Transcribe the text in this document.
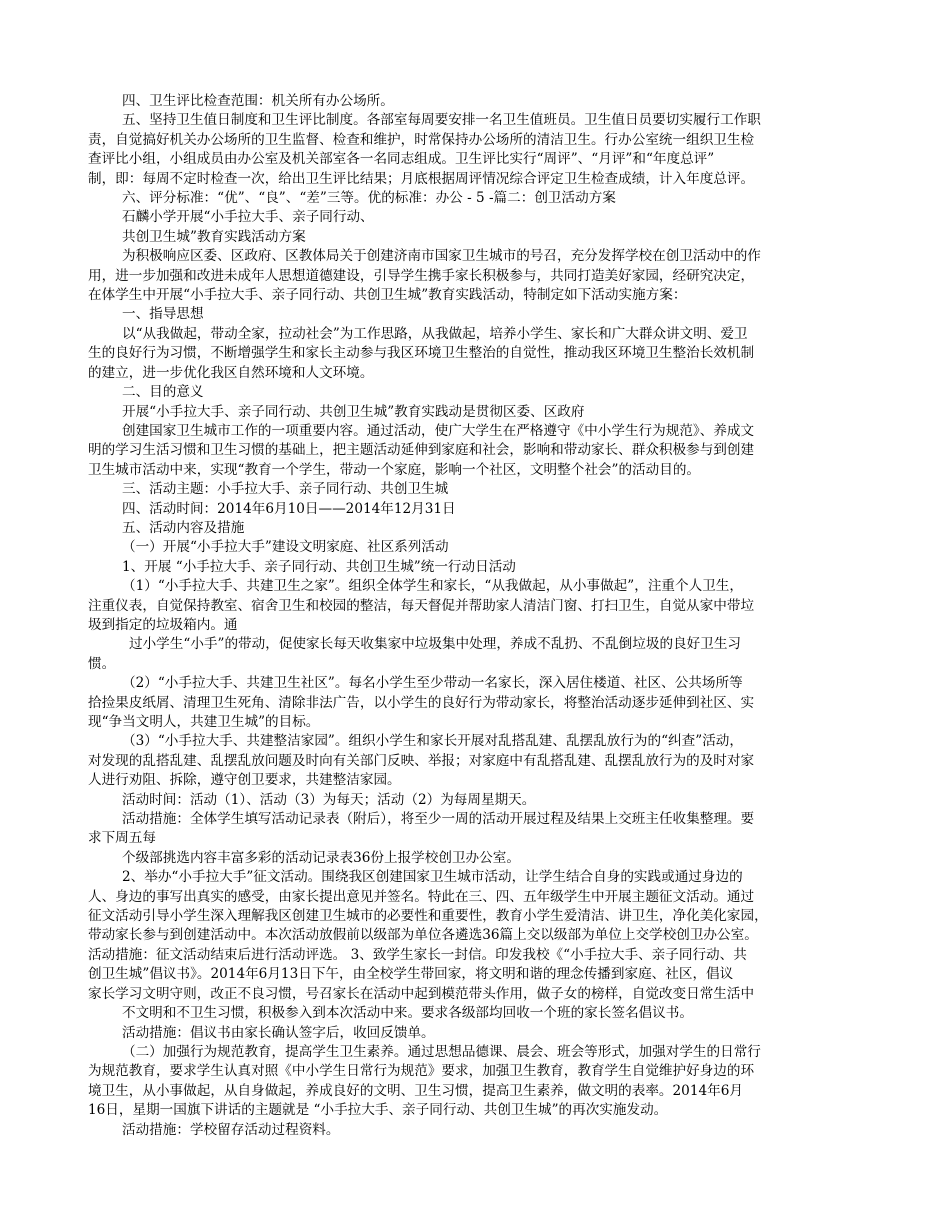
四、卫生评比检查范围：机关所有办公场所。
五、坚持卫生值日制度和卫生评比制度。各部室每周要安排一名卫生值班员。卫生值日员要切实履行工作职
责，自觉搞好机关办公场所的卫生监督、检查和维护，时常保持办公场所的清洁卫生。行办公室统一组织卫生检
查评比小组，小组成员由办公室及机关部室各一名同志组成。卫生评比实行“周评”、“月评”和“年度总评”
制，即：每周不定时检查一次，给出卫生评比结果；月底根据周评情况综合评定卫生检查成绩，计入年度总评。
六、评分标准：“优”、“良”、“差”三等。优的标准：办公 - 5 -篇二：创卫活动方案
石麟小学开展“小手拉大手、亲子同行动、
共创卫生城”教育实践活动方案
为积极响应区委、区政府、区教体局关于创建济南市国家卫生城市的号召，充分发挥学校在创卫活动中的作
用，进一步加强和改进未成年人思想道德建设，引导学生携手家长积极参与，共同打造美好家园，经研究决定，
在体学生中开展“小手拉大手、亲子同行动、共创卫生城”教育实践活动，特制定如下活动实施方案：
一、指导思想
以“从我做起，带动全家，拉动社会”为工作思路，从我做起，培养小学生、家长和广大群众讲文明、爱卫
生的良好行为习惯，不断增强学生和家长主动参与我区环境卫生整治的自觉性，推动我区环境卫生整治长效机制
的建立，进一步优化我区自然环境和人文环境。
二、目的意义
开展“小手拉大手、亲子同行动、共创卫生城”教育实践动是贯彻区委、区政府
创建国家卫生城市工作的一项重要内容。通过活动，使广大学生在严格遵守《中小学生行为规范》、养成文
明的学习生活习惯和卫生习惯的基础上，把主题活动延伸到家庭和社会，影响和带动家长、群众积极参与到创建
卫生城市活动中来，实现“教育一个学生，带动一个家庭，影响一个社区，文明整个社会”的活动目的。
三、活动主题：小手拉大手、亲子同行动、共创卫生城
四、活动时间：2014年6月10日——2014年12月31日
五、活动内容及措施
（一）开展“小手拉大手”建设文明家庭、社区系列活动
1、开展 “小手拉大手、亲子同行动、共创卫生城”统一行动日活动
（1）“小手拉大手、共建卫生之家”。组织全体学生和家长，“从我做起，从小事做起”，注重个人卫生，
注重仪表，自觉保持教室、宿舍卫生和校园的整洁，每天督促并帮助家人清洁门窗、打扫卫生，自觉从家中带垃
圾到指定的垃圾箱内。通
过小学生“小手”的带动，促使家长每天收集家中垃圾集中处理，养成不乱扔、不乱倒垃圾的良好卫生习
惯。
（2）“小手拉大手、共建卫生社区”。每名小学生至少带动一名家长，深入居住楼道、社区、公共场所等
拾捡果皮纸屑、清理卫生死角、清除非法广告，以小学生的良好行为带动家长，将整治活动逐步延伸到社区、实
现“争当文明人，共建卫生城”的目标。
（3）“小手拉大手、共建整洁家园”。组织小学生和家长开展对乱搭乱建、乱摆乱放行为的“纠查”活动，
对发现的乱搭乱建、乱摆乱放问题及时向有关部门反映、举报；对家庭中有乱搭乱建、乱摆乱放行为的及时对家
人进行劝阻、拆除，遵守创卫要求，共建整洁家园。
活动时间：活动（1）、活动（3）为每天；活动（2）为每周星期天。
活动措施：全体学生填写活动记录表（附后），将至少一周的活动开展过程及结果上交班主任收集整理。要
求下周五每
个级部挑选内容丰富多彩的活动记录表36份上报学校创卫办公室。
2、举办“小手拉大手”征文活动。围绕我区创建国家卫生城市活动，让学生结合自身的实践或通过身边的
人、身边的事写出真实的感受，由家长提出意见并签名。特此在三、四、五年级学生中开展主题征文活动。通过
征文活动引导小学生深入理解我区创建卫生城市的必要性和重要性，教育小学生爱清洁、讲卫生，净化美化家园，
带动家长参与到创建活动中。本次活动放假前以级部为单位各遴选36篇上交以级部为单位上交学校创卫办公室。
活动措施：征文活动结束后进行活动评选。 3、致学生家长一封信。印发我校《“小手拉大手、亲子同行动、共
创卫生城”倡议书》。2014年6月13日下午，由全校学生带回家，将文明和谐的理念传播到家庭、社区，倡议
家长学习文明守则，改正不良习惯，号召家长在活动中起到模范带头作用，做子女的榜样，自觉改变日常生活中
不文明和不卫生习惯，积极参入到本次活动中来。要求各级部均回收一个班的家长签名倡议书。
活动措施：倡议书由家长确认签字后，收回反馈单。
（二）加强行为规范教育，提高学生卫生素养。通过思想品德课、晨会、班会等形式，加强对学生的日常行
为规范教育，要求学生认真对照《中小学生日常行为规范》要求，加强卫生教育，教育学生自觉维护好身边的环
境卫生，从小事做起，从自身做起，养成良好的文明、卫生习惯，提高卫生素养，做文明的表率。2014年6月
16日，星期一国旗下讲话的主题就是 “小手拉大手、亲子同行动、共创卫生城”的再次实施发动。
活动措施：学校留存活动过程资料。
